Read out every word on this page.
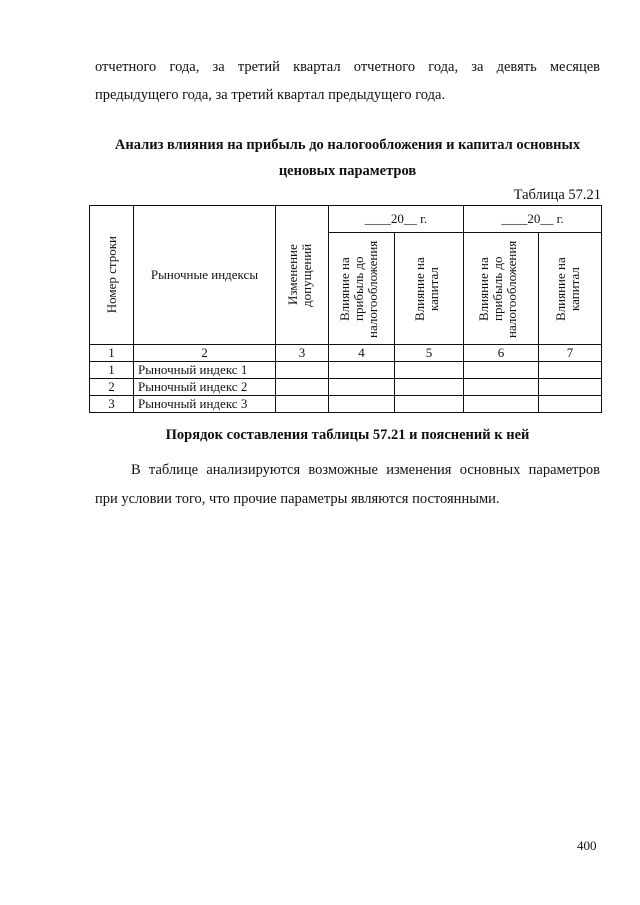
отчетного года, за третий квартал отчетного года, за девять месяцев
предыдущего года, за третий квартал предыдущего года.
Анализ влияния на прибыль до налогообложения и капитал основных
ценовых параметров
Таблица 57.21
Номер строки	Рыночные индексы	Изменение допущений	____20__ г.		____20__ г.	

			Влияние на прибыль до налогообложения	Влияние на капитал	Влияние на прибыль до налогообложения	Влияние на капитал

1	2	3	4	5	6	7
1	Рыночный индекс 1					
2	Рыночный индекс 2					
3	Рыночный индекс 3					
Порядок составления таблицы 57.21 и пояснений к ней
В таблице анализируются возможные изменения основных параметров
при условии того, что прочие параметры являются постоянными.
400
